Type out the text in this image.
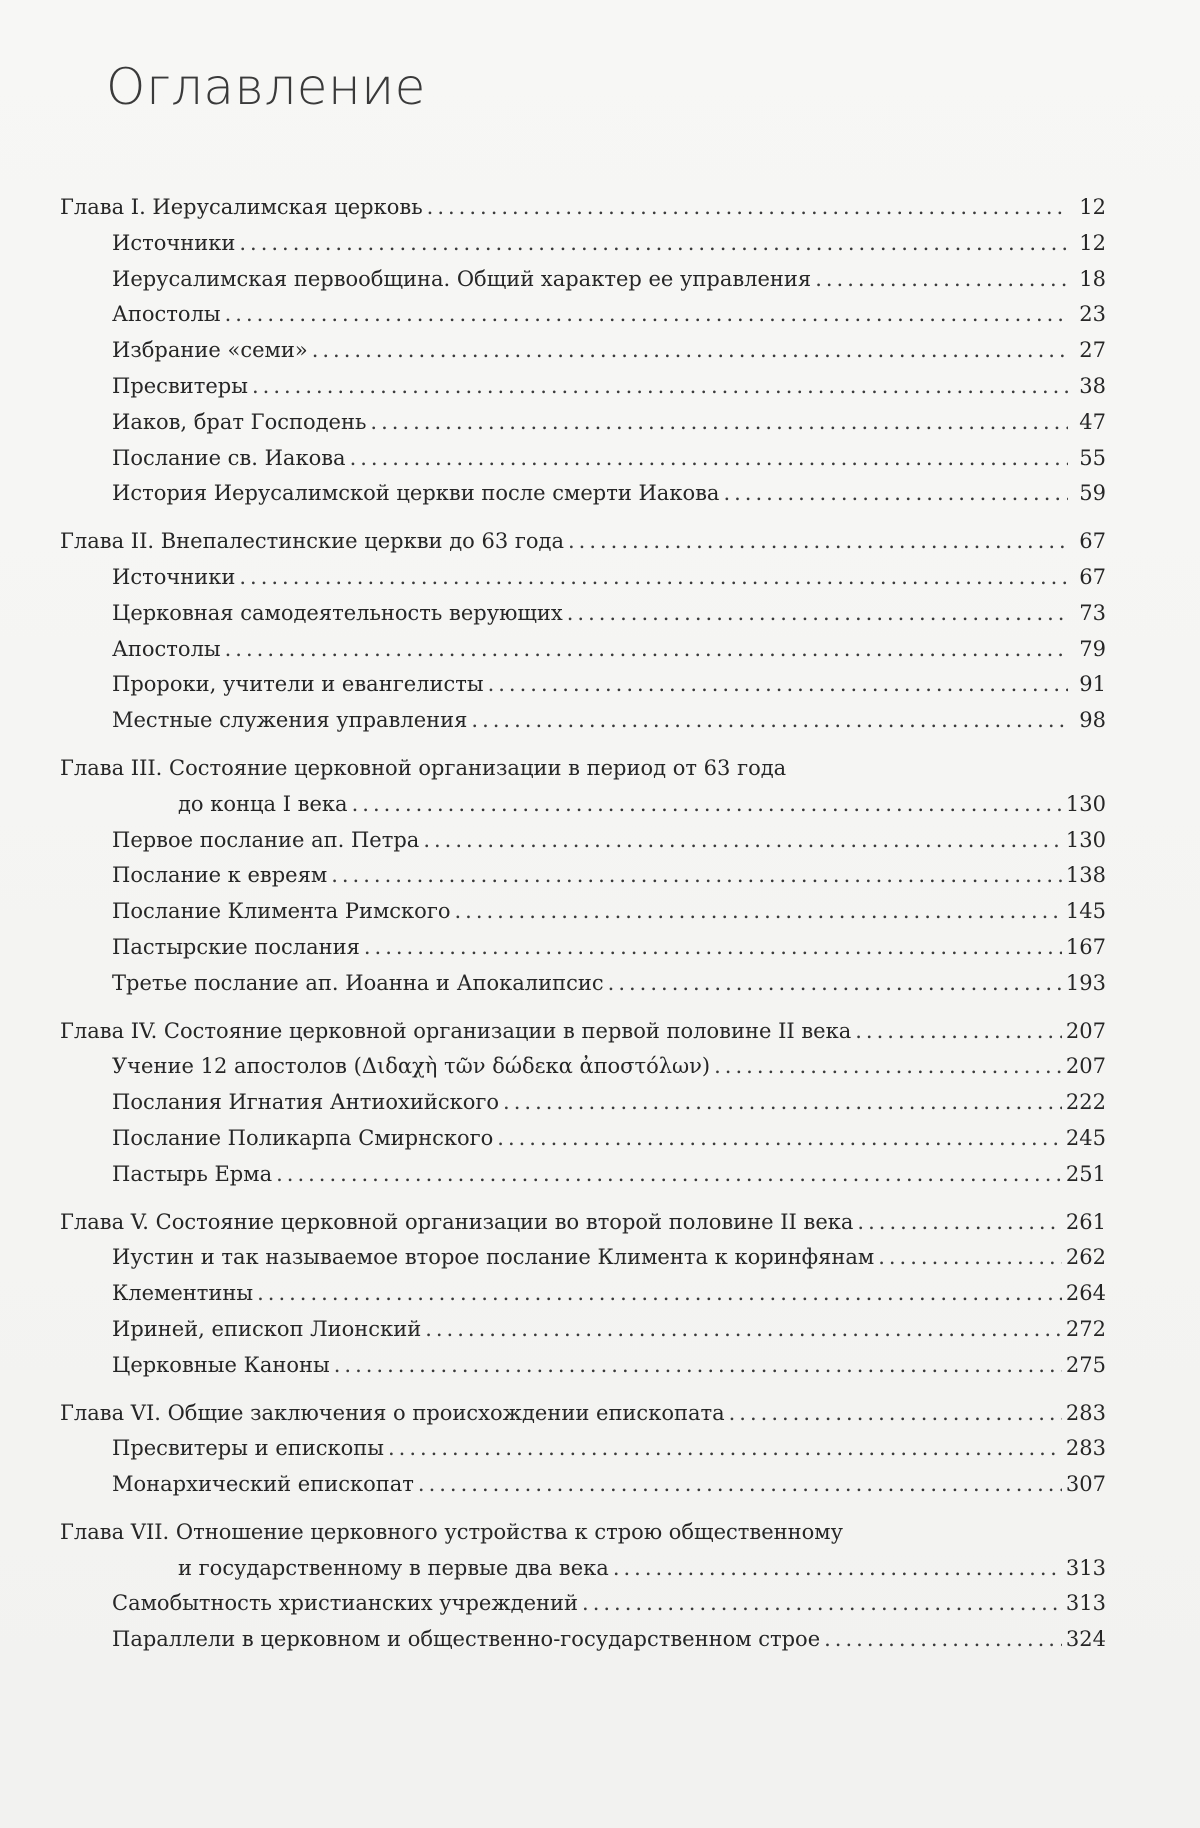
Оглавление
Глава I. Иерусалимская церковь .....	12
Источники .....	12
Иерусалимская первообщина. Общий характер ее управления .....	18
Апостолы .....	23
Избрание «семи» .....	27
Пресвитеры .....	38
Иаков, брат Господень .....	47
Послание св. Иакова .....	55
История Иерусалимской церкви после смерти Иакова .....	59
Глава II. Внепалестинские церкви до 63 года .....	67
Источники .....	67
Церковная самодеятельность верующих .....	73
Апостолы .....	79
Пророки, учители и евангелисты .....	91
Местные служения управления .....	98
Глава III. Состояние церковной организации в период от 63 года
до конца I века .....	130
Первое послание ап. Петра .....	130
Послание к евреям .....	138
Послание Климента Римского .....	145
Пастырские послания .....	167
Третье послание ап. Иоанна и Апокалипсис .....	193
Глава IV. Состояние церковной организации в первой половине II века .....	207
Учение 12 апостолов (Διδαχὴ τῶν δώδεκα ἀποστόλων) .....	207
Послания Игнатия Антиохийского .....	222
Послание Поликарпа Смирнского .....	245
Пастырь Ерма .....	251
Глава V. Состояние церковной организации во второй половине II века .....	261
Иустин и так называемое второе послание Климента к коринфянам .....	262
Клементины .....	264
Ириней, епископ Лионский .....	272
Церковные Каноны .....	275
Глава VI. Общие заключения о происхождении епископата .....	283
Пресвитеры и епископы .....	283
Монархический епископат .....	307
Глава VII. Отношение церковного устройства к строю общественному
и государственному в первые два века .....	313
Самобытность христианских учреждений .....	313
Параллели в церковном и общественно-государственном строе .....	324
